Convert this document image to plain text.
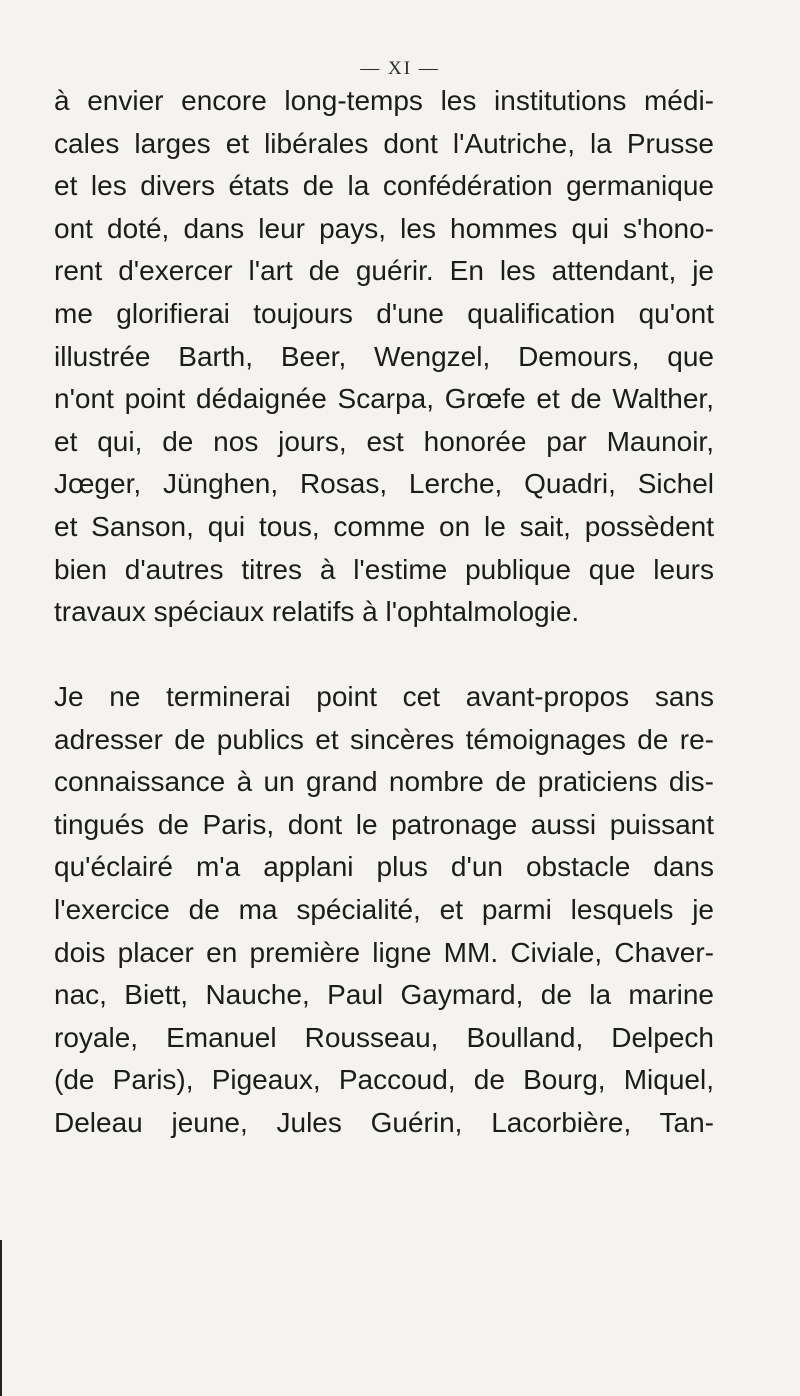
— XI —
à envier encore long-temps les institutions médi-
cales larges et libérales dont l'Autriche, la Prusse
et les divers états de la confédération germanique
ont doté, dans leur pays, les hommes qui s'hono-
rent d'exercer l'art de guérir. En les attendant, je
me glorifierai toujours d'une qualification qu'ont
illustrée Barth, Beer, Wengzel, Demours, que
n'ont point dédaignée Scarpa, Grœfe et de Walther,
et qui, de nos jours, est honorée par Maunoir,
Jœger, Jünghen, Rosas, Lerche, Quadri, Sichel
et Sanson, qui tous, comme on le sait, possèdent
bien d'autres titres à l'estime publique que leurs
travaux spéciaux relatifs à l'ophtalmologie.
Je ne terminerai point cet avant-propos sans
adresser de publics et sincères témoignages de re-
connaissance à un grand nombre de praticiens dis-
tingués de Paris, dont le patronage aussi puissant
qu'éclairé m'a applani plus d'un obstacle dans
l'exercice de ma spécialité, et parmi lesquels je
dois placer en première ligne MM. Civiale, Chaver-
nac, Biett, Nauche, Paul Gaymard, de la marine
royale, Emanuel Rousseau, Boulland, Delpech
(de Paris), Pigeaux, Paccoud, de Bourg, Miquel,
Deleau jeune, Jules Guérin, Lacorbière, Tan-
